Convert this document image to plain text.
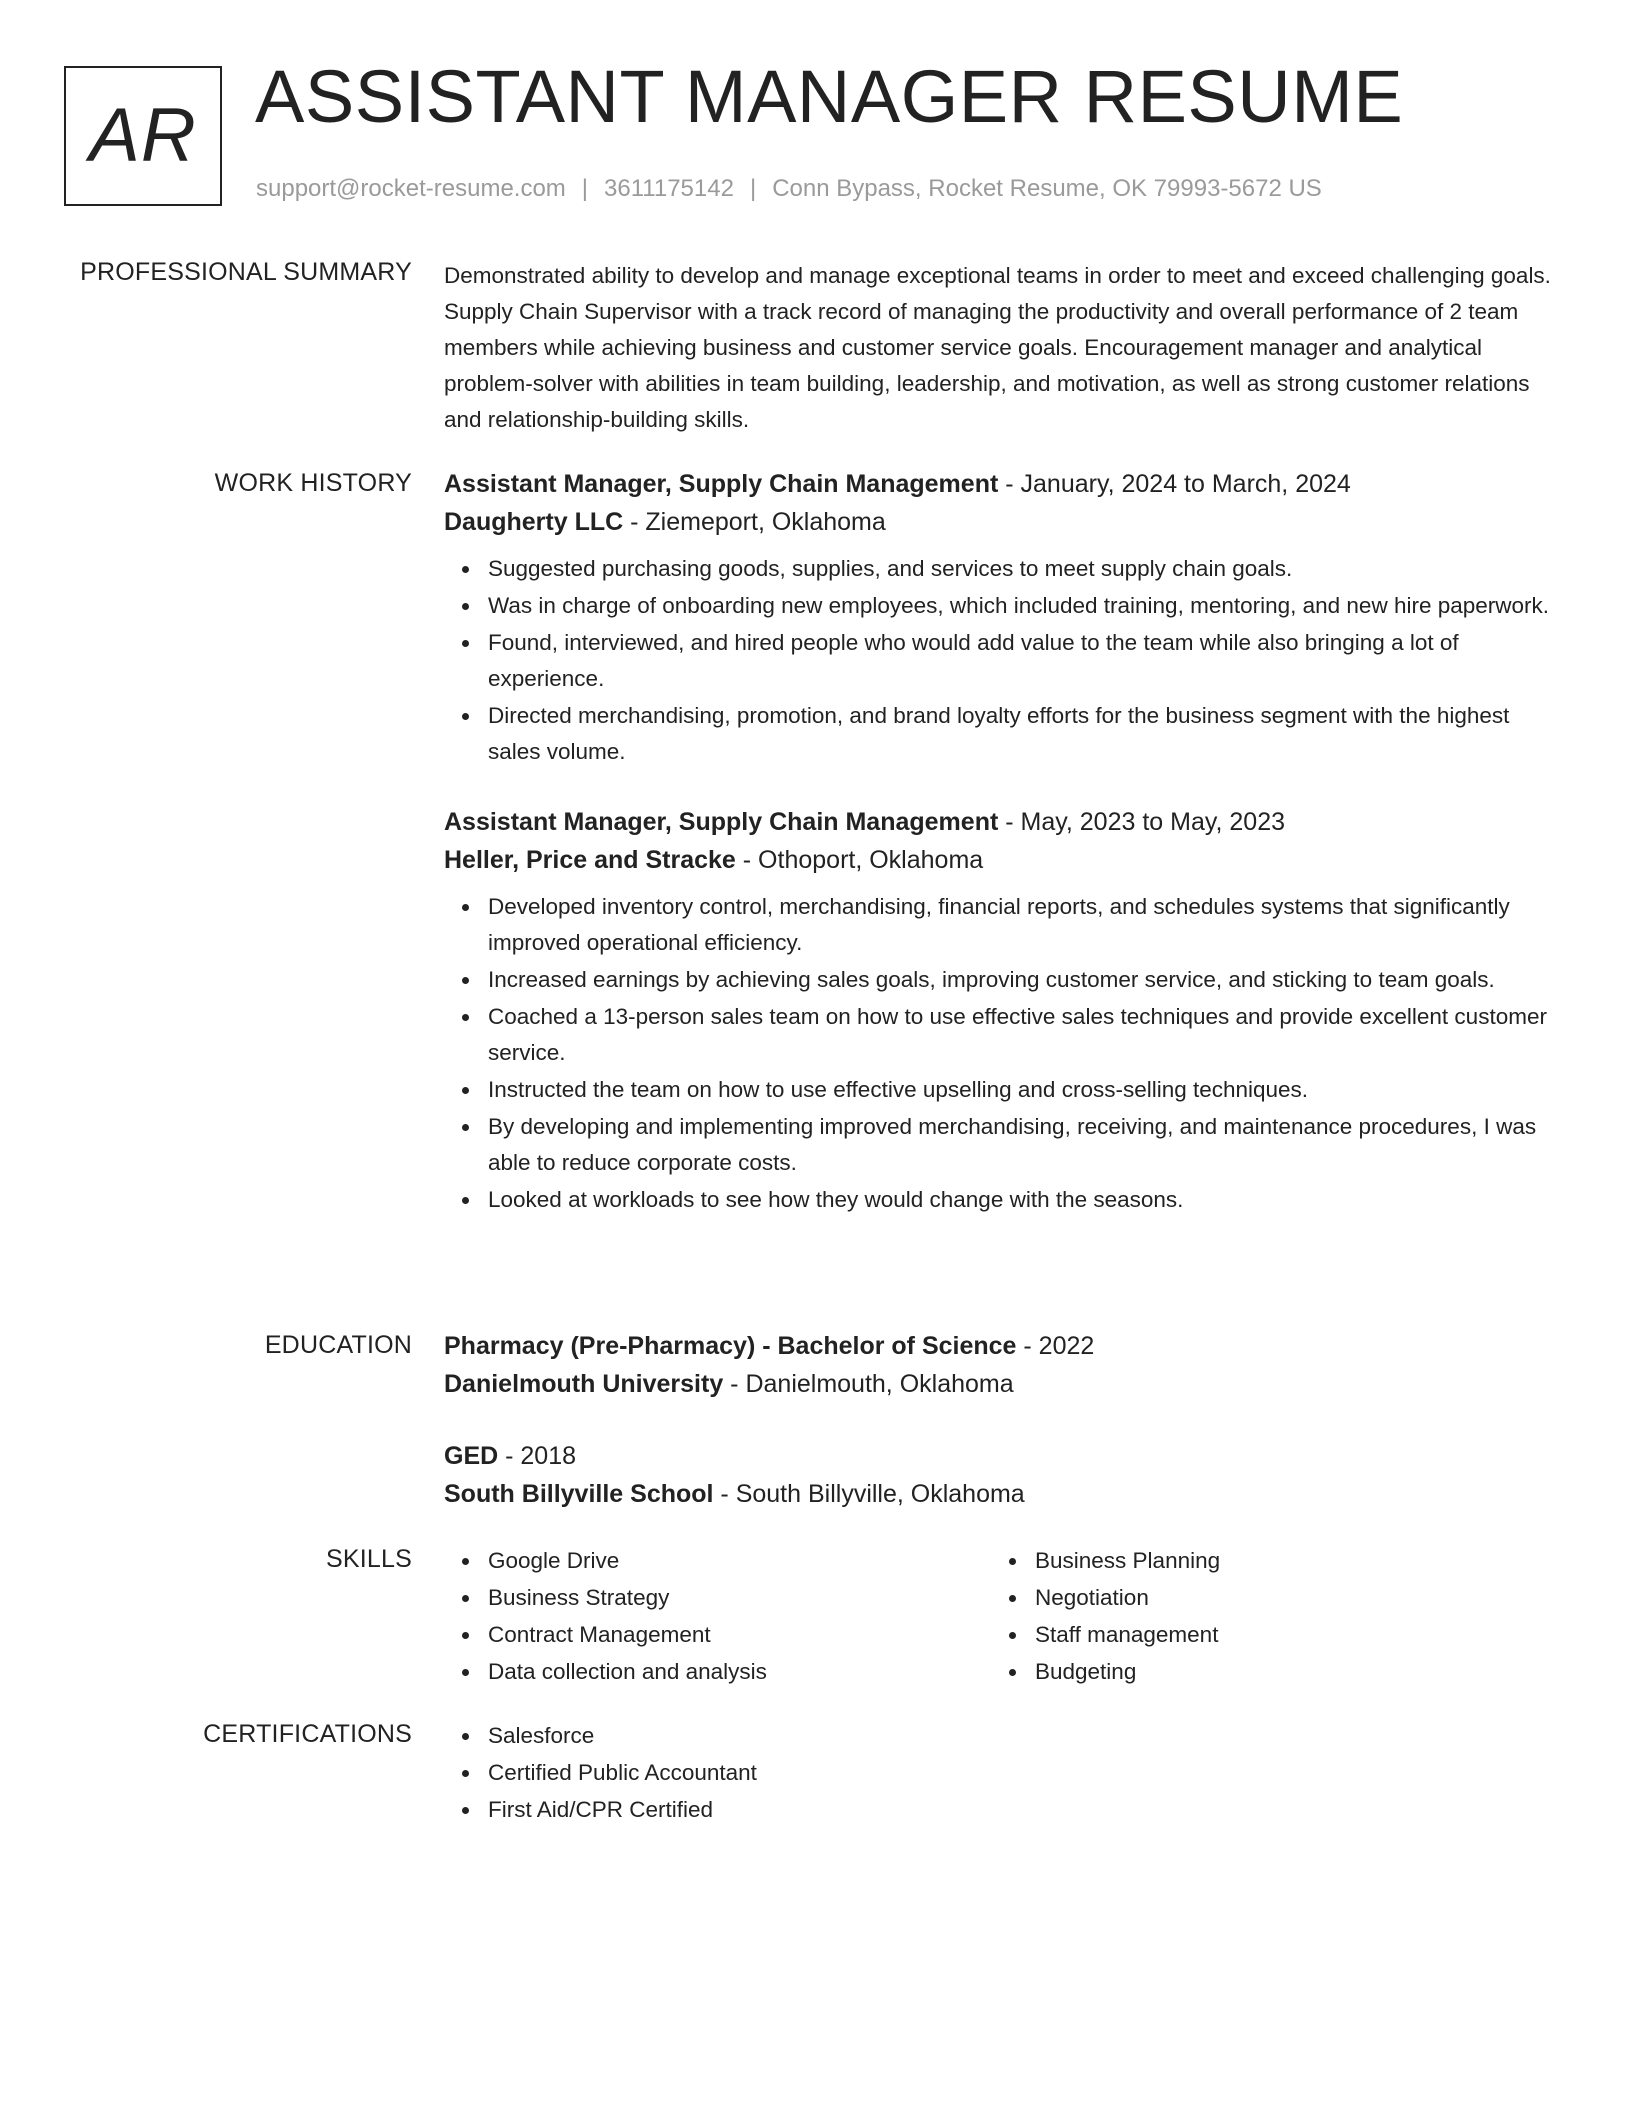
AR ASSISTANT MANAGER RESUME
support@rocket-resume.com | 3611175142 | Conn Bypass, Rocket Resume, OK 79993-5672 US
PROFESSIONAL SUMMARY Demonstrated ability to develop and manage exceptional teams in order to meet and exceed challenging goals. Supply Chain Supervisor with a track record of managing the productivity and overall performance of 2 team members while achieving business and customer service goals. Encouragement manager and analytical problem-solver with abilities in team building, leadership, and motivation, as well as strong customer relations and relationship-building skills.

WORK HISTORY Assistant Manager, Supply Chain Management - January, 2024 to March, 2024
Daugherty LLC - Ziemeport, Oklahoma
Suggested purchasing goods, supplies, and services to meet supply chain goals.
Was in charge of onboarding new employees, which included training, mentoring, and new hire paperwork.
Found, interviewed, and hired people who would add value to the team while also bringing a lot of experience.
Directed merchandising, promotion, and brand loyalty efforts for the business segment with the highest sales volume.
Assistant Manager, Supply Chain Management - May, 2023 to May, 2023
Heller, Price and Stracke - Othoport, Oklahoma
Developed inventory control, merchandising, financial reports, and schedules systems that significantly improved operational efficiency.
Increased earnings by achieving sales goals, improving customer service, and sticking to team goals.
Coached a 13-person sales team on how to use effective sales techniques and provide excellent customer service.
Instructed the team on how to use effective upselling and cross-selling techniques.
By developing and implementing improved merchandising, receiving, and maintenance procedures, I was able to reduce corporate costs.
Looked at workloads to see how they would change with the seasons.
EDUCATION Pharmacy (Pre-Pharmacy) - Bachelor of Science - 2022
Danielmouth University - Danielmouth, Oklahoma
GED - 2018
South Billyville School - South Billyville, Oklahoma
SKILLS	Google Drive
Business Strategy
Contract Management
Data collection and analysis
Business Planning
Negotiation
Staff management
Budgeting
CERTIFICATIONS	Salesforce
Certified Public Accountant
First Aid/CPR Certified
